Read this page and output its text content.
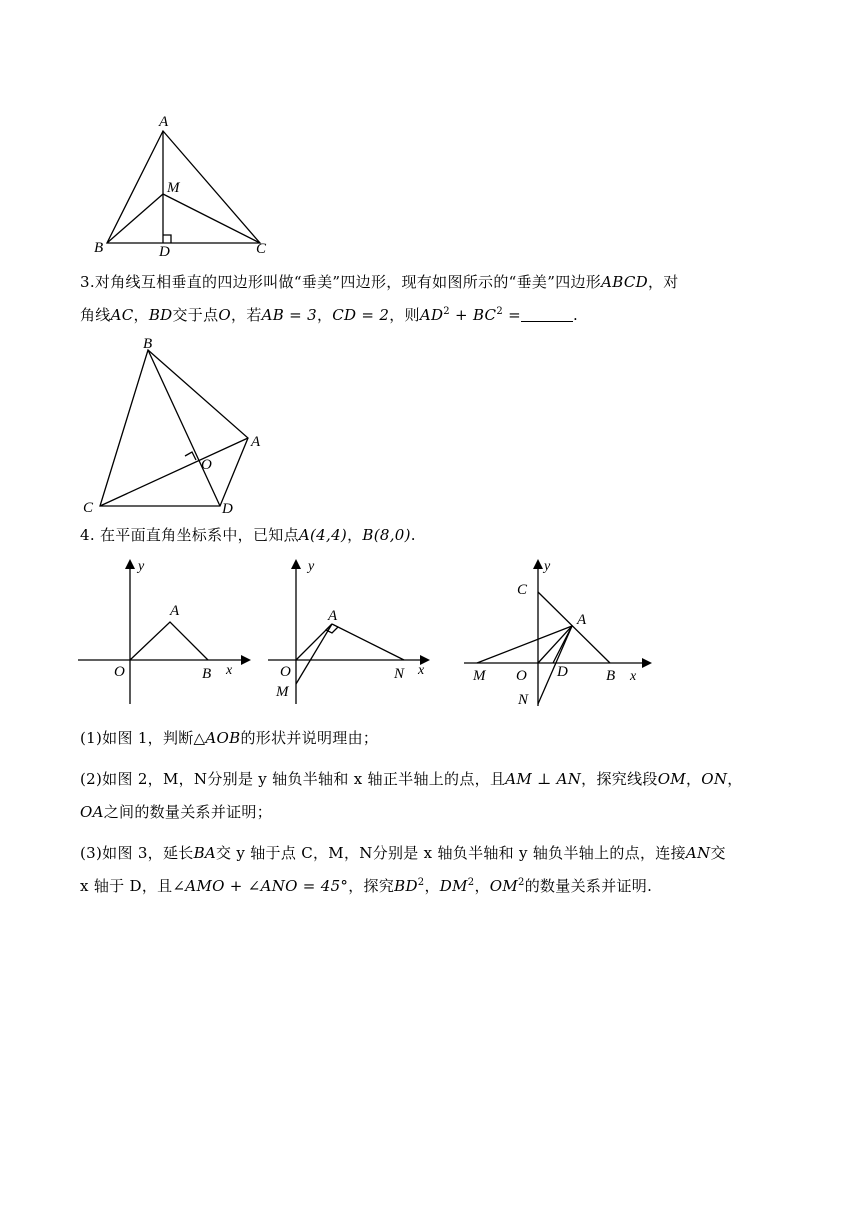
A
M
B	D	C
3.对角线互相垂直的四边形叫做“垂美”四边形，现有如图所示的“垂美”四边形ABCD，对
角线AC，BD交于点O，若AB = 3，CD = 2，则$AD^2 + BC^2$ =	.
B
A
O
C	D
4. 在平面直角坐标系中，已知点A(4,4)，B(8,0).
y
x
A
O	B
y
x
A
O	N
M
y
x
C
A
M O D	B
N
(1)如图 1，判断△AOB的形状并说明理由；
(2)如图 2，M，N分别是 y 轴负半轴和 x 轴正半轴上的点，且AM ⊥ AN，探究线段OM，ON，
OA之间的数量关系并证明；
(3)如图 3，延长BA交 y 轴于点 C，M，N分别是 x 轴负半轴和 y 轴负半轴上的点，连接AN交
x 轴于 D，且∠AMO + ∠ANO = 45°，探究$BD^2$，$DM^2$，$OM^2$的数量关系并证明.
